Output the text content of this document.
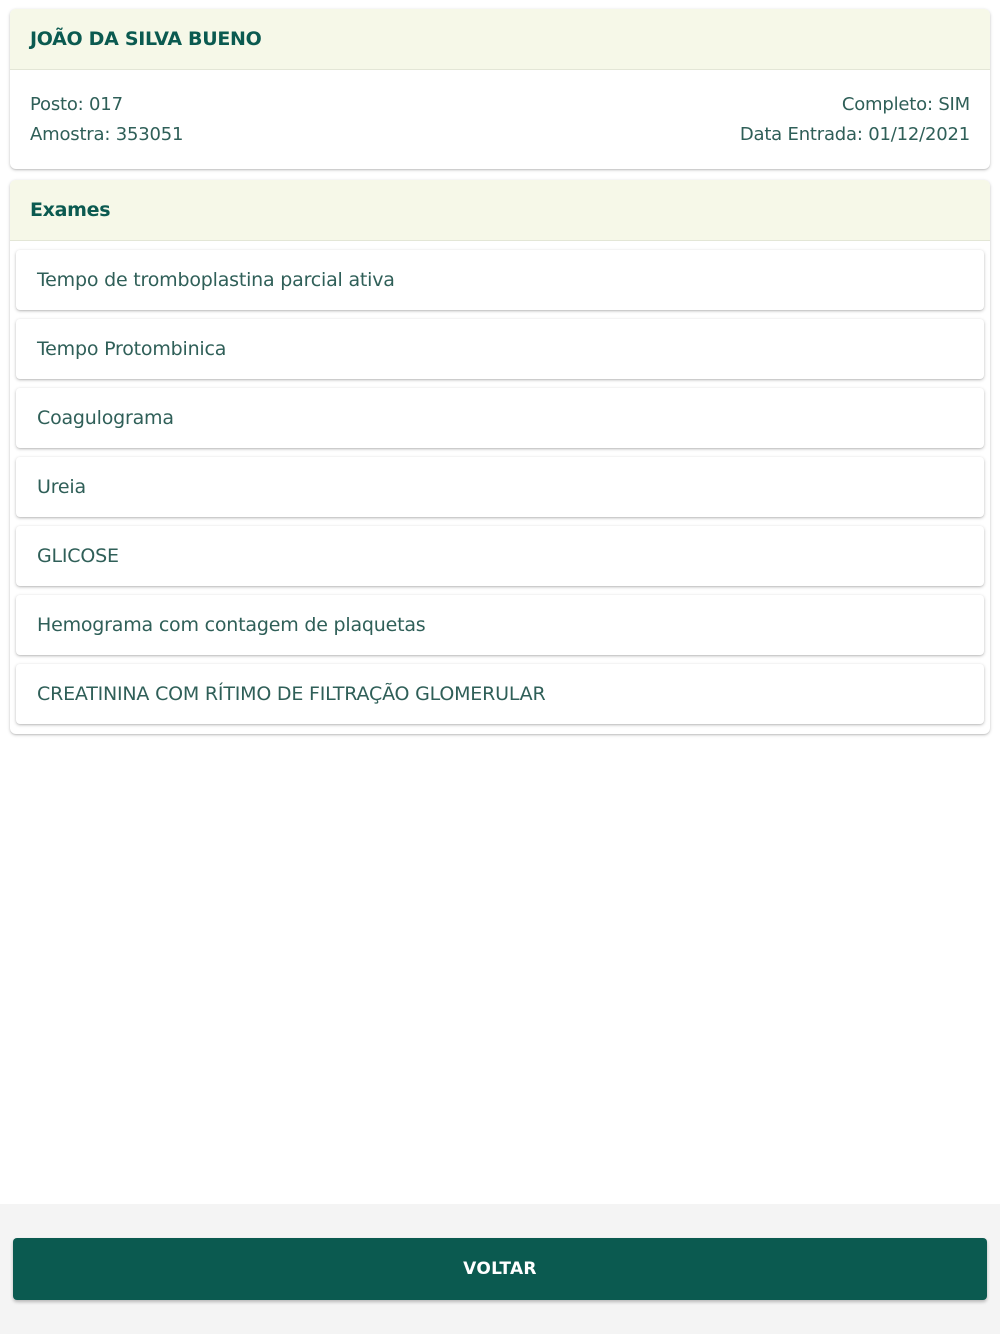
JOÃO DA SILVA BUENO
Posto: 017
Amostra: 353051
Completo: SIM
Data Entrada: 01/12/2021
Exames
Tempo de tromboplastina parcial ativa
Tempo Protombinica
Coagulograma
Ureia
GLICOSE
Hemograma com contagem de plaquetas
CREATININA COM RÍTIMO DE FILTRAÇÃO GLOMERULAR
VOLTAR
